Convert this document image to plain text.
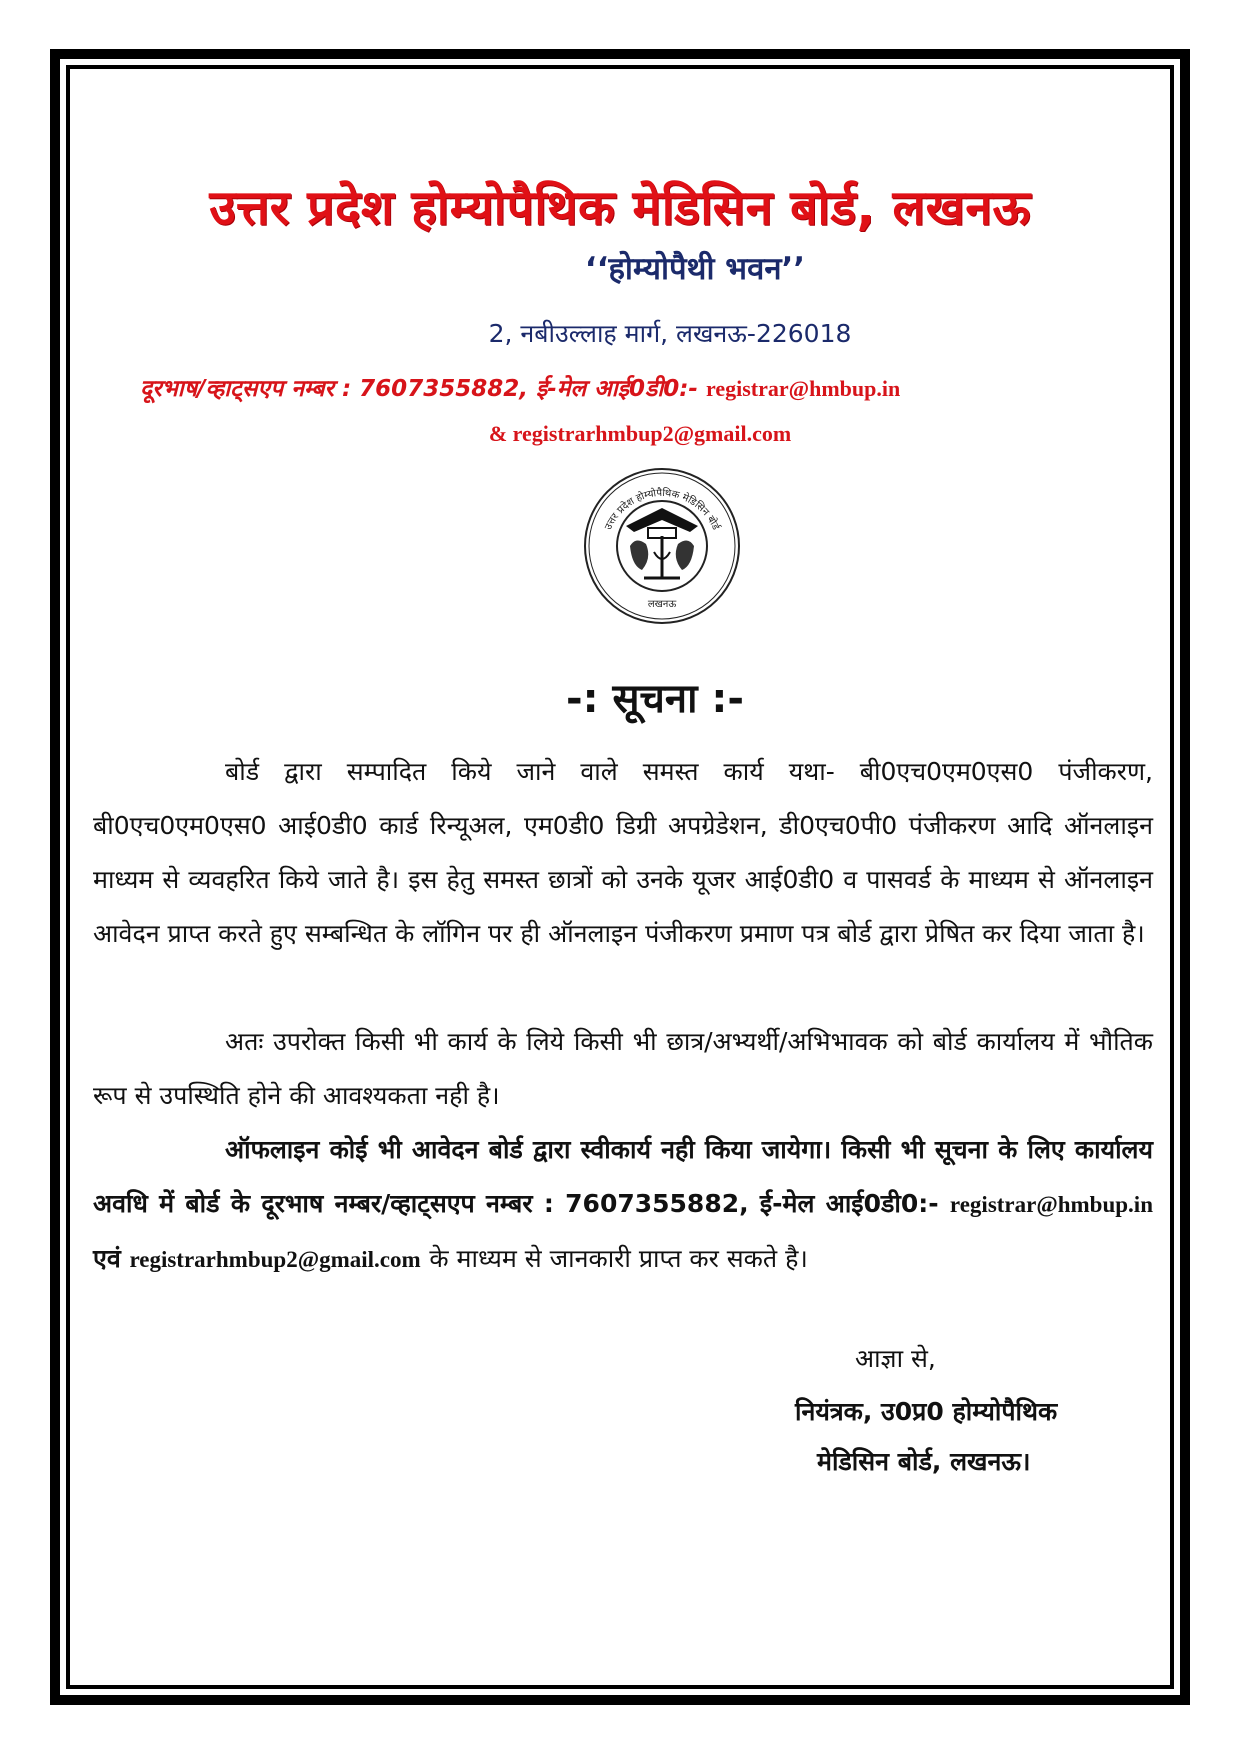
उत्तर प्रदेश होम्योपैथिक मेडिसिन बोर्ड, लखनऊ
‘‘होम्योपैथी भवन’’
2, नबीउल्लाह मार्ग, लखनऊ-226018
दूरभाष/व्हाट्सएप नम्बर : 7607355882, ई-मेल आई0डी0:- registrar@hmbup.in
& registrarhmbup2@gmail.com
उत्तर प्रदेश होम्योपैथिक मेडिसिन बोर्ड
लखनऊ
-: सूचना :-
बोर्ड द्वारा सम्पादित किये जाने वाले समस्त कार्य यथा- बी0एच0एम0एस0 पंजीकरण, बी0एच0एम0एस0 आई0डी0 कार्ड रिन्यूअल, एम0डी0 डिग्री अपग्रेडेशन, डी0एच0पी0 पंजीकरण आदि ऑनलाइन माध्यम से व्यवहरित किये जाते है। इस हेतु समस्त छात्रों को उनके यूजर आई0डी0 व पासवर्ड के माध्यम से ऑनलाइन आवेदन प्राप्त करते हुए सम्बन्धित के लॉगिन पर ही ऑनलाइन पंजीकरण प्रमाण पत्र बोर्ड द्वारा प्रेषित कर दिया जाता है।
अतः उपरोक्त किसी भी कार्य के लिये किसी भी छात्र/अभ्यर्थी/अभिभावक को बोर्ड कार्यालय में भौतिक रूप से उपस्थिति होने की आवश्यकता नही है।
ऑफलाइन कोई भी आवेदन बोर्ड द्वारा स्वीकार्य नही किया जायेगा। किसी भी सूचना के लिए कार्यालय अवधि में बोर्ड के दूरभाष नम्बर/व्हाट्सएप नम्बर : 7607355882, ई-मेल आई0डी0:- registrar@hmbup.in एवं registrarhmbup2@gmail.com के माध्यम से जानकारी प्राप्त कर सकते है।
आज्ञा से,
नियंत्रक, उ0प्र0 होम्योपैथिक
मेडिसिन बोर्ड, लखनऊ।
